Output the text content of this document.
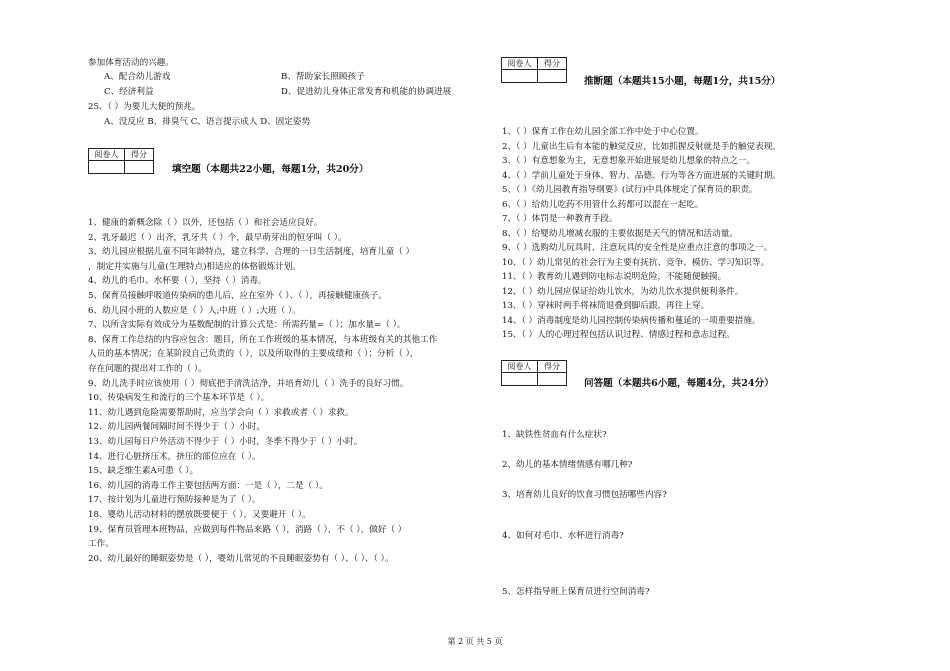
参加体育活动的兴趣。
A、配合幼儿游戏	B、帮助家长照顾孩子
C、经济利益	D、促进幼儿身体正常发育和机能的协调进展
25、（ ）为要儿大便的预兆。
A、没反应 B、排臭气 C、语言提示成人 D、固定姿势
阅卷人	得分
填空题（本题共22小题，每题1分，共20分）
1、健康的新概念除（ ）以外，还包括（ ）和社会适应良好。
2、乳牙最迟（ ）出齐，乳牙共（ ）个，最早萌芽出的恒牙叫（ ）。
3、幼儿园应根据儿童不同年龄特点，建立科学、合理的一日生活制度，培育儿童（ ）
，制定并实施与儿童(生理特点)相适应的体格锻炼计划。
4、幼儿的毛巾、水杯要（ ），坚持（ ）消毒。
5、保育员接触呼吸道传染病的患儿后，应在室外（ ）、（ ），再接触健康孩子。
6、幼儿园小班的人数应是（ ）人;中班（ ）;大班（ ）。
7、以所含实际有效成分为基数配制的计算公式是：所需药量=（ ）；加水量=（ ）。
8、保育工作总结的内容应包含：题目，所在工作班级的基本情况，与本班级有关的其他工作
人员的基本情况；在某阶段自己负责的（ ），以及所取得的主要成绩和（ ）；分析（ ），
存在问题的提出对工作的（ ）。
9、幼儿洗手时应该使用（ ）彻底把手清洗洁净，并培育幼儿（ ）洗手的良好习惯。
10、传染病发生和流行的三个基本环节是（ ）。
11、幼儿遇到危险需要帮助时，应当学会向（ ）求救或者（ ）求救。
12、幼儿园两餐间隔时间不得少于（ ）小时。
13、幼儿园每日户外活动不得少于（ ）小时，冬季不得少于（ ）小时。
14、进行心脏挤压术，挤压的部位应在（ ）。
15、缺乏维生素A可患（ ）。
16、幼儿园的消毒工作主要包括两方面：一是（ ），二是（ ）。
17、按计划为儿童进行预防接种是为了（ ）。
18、婴幼儿活动材料的摆放既要便于（ ），又要避开（ ）。
19、保育员管理本班物品，应做到每件物品来路（ ），消路（ ），不（ ），做好（ ）
工作。
20、幼儿最好的睡眠姿势是（ ），婴幼儿常见的不良睡眠姿势有（ ）、（ ）、（ ）。
阅卷人	得分
推断题（本题共15小题，每题1分，共15分）
1、（ ）保育工作在幼儿园全部工作中处于中心位置。
2、（ ）儿童出生后有本能的触觉反应，比如抓握反射就是手的触觉表现。
3、（ ）有意想象为主，无意想象开始进展是幼儿想象的特点之一。
4、（ ）学前儿童处于身体、智力、品德、行为等各方面进展的关键时期。
5、（ ）《幼儿园教育指导纲要》(试行)中具体规定了保育员的职责。
6、（ ）给幼儿吃药不用管什么药都可以混在一起吃。
7、（ ）体罚是一种教育手段。
8、（ ）给婴幼儿增减衣服的主要依据是天气的情况和活动量。
9、（ ）选购幼儿玩具时，注意玩具的安全性是应重点注意的事项之一。
10、（ ）幼儿常见的社会行为主要有抚抗、竞争、模仿、学习知识等。
11、（ ）教育幼儿遇到防电标志说明危险，不能随便触摸。
12、（ ）幼儿园应保证给幼儿饮水，为幼儿饮水提供便利条件。
13、（ ）穿袜时两手将袜筒退叠到脚后跟，再往上穿。
14、（ ）消毒制度是幼儿园控制传染病传播和蔓延的一项重要措施。
15、（ ）人的心理过程包括认识过程、情感过程和意志过程。
阅卷人	得分
问答题（本题共6小题，每题4分，共24分）
1、缺铁性贫血有什么症状?
2、幼儿的基本情绪情感有哪几种?
3、培育幼儿良好的饮食习惯包括哪些内容?
4、如何对毛巾、水杯进行消毒?
5、怎样指导班上保育员进行空间消毒?
第 2 页 共 5 页
